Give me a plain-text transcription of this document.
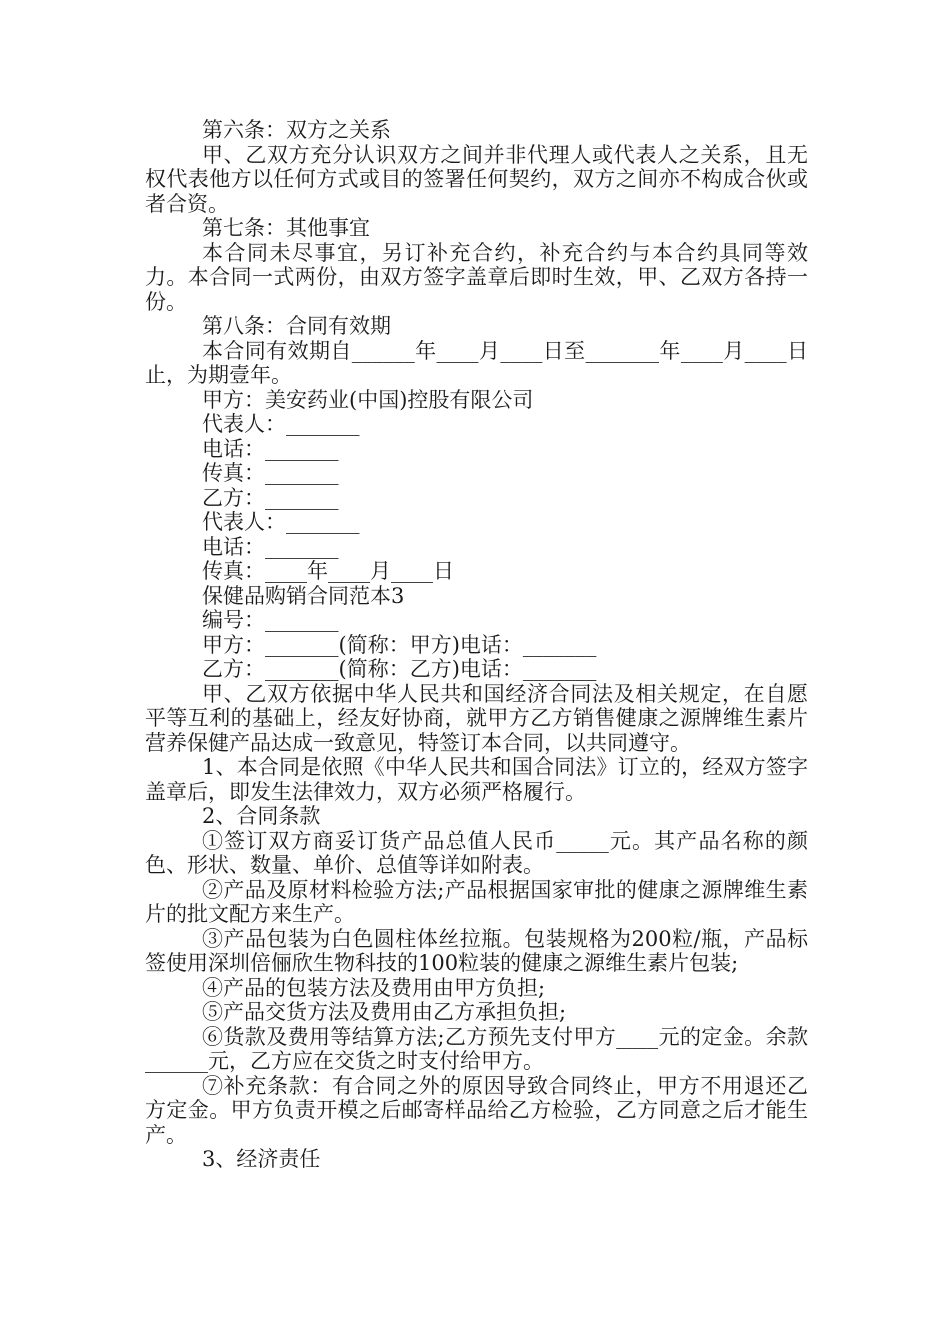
第六条：双方之关系

甲、乙双方充分认识双方之间并非代理人或代表人之关系，且无权代表他方以任何方式或目的签署任何契约，双方之间亦不构成合伙或者合资。

第七条：其他事宜

本合同未尽事宜，另订补充合约，补充合约与本合约具同等效力。本合同一式两份，由双方签字盖章后即时生效，甲、乙双方各持一份。

第八条：合同有效期

本合同有效期自______年____月____日至_______年____月____日止，为期壹年。

甲方：美安药业(中国)控股有限公司

代表人：_______

电话：_______

传真：_______

乙方：_______

代表人：_______

电话：_______

传真：____年____月____日

保健品购销合同范本3

编号：_______

甲方：_______(简称：甲方)电话：_______

乙方：_______(简称：乙方)电话：_______

甲、乙双方依据中华人民共和国经济合同法及相关规定，在自愿平等互利的基础上，经友好协商，就甲方乙方销售健康之源牌维生素片营养保健产品达成一致意见，特签订本合同，以共同遵守。

1、本合同是依照《中华人民共和国合同法》订立的，经双方签字盖章后，即发生法律效力，双方必须严格履行。

2、合同条款

①签订双方商妥订货产品总值人民币_____元。其产品名称的颜色、形状、数量、单价、总值等详如附表。

②产品及原材料检验方法;产品根据国家审批的健康之源牌维生素片的批文配方来生产。

③产品包装为白色圆柱体丝拉瓶。包装规格为200粒/瓶，产品标签使用深圳倍俪欣生物科技的100粒装的健康之源维生素片包装;

④产品的包装方法及费用由甲方负担;

⑤产品交货方法及费用由乙方承担负担;

⑥货款及费用等结算方法;乙方预先支付甲方____元的定金。余款______元，乙方应在交货之时支付给甲方。

⑦补充条款：有合同之外的原因导致合同终止，甲方不用退还乙方定金。甲方负责开模之后邮寄样品给乙方检验，乙方同意之后才能生产。

3、经济责任
